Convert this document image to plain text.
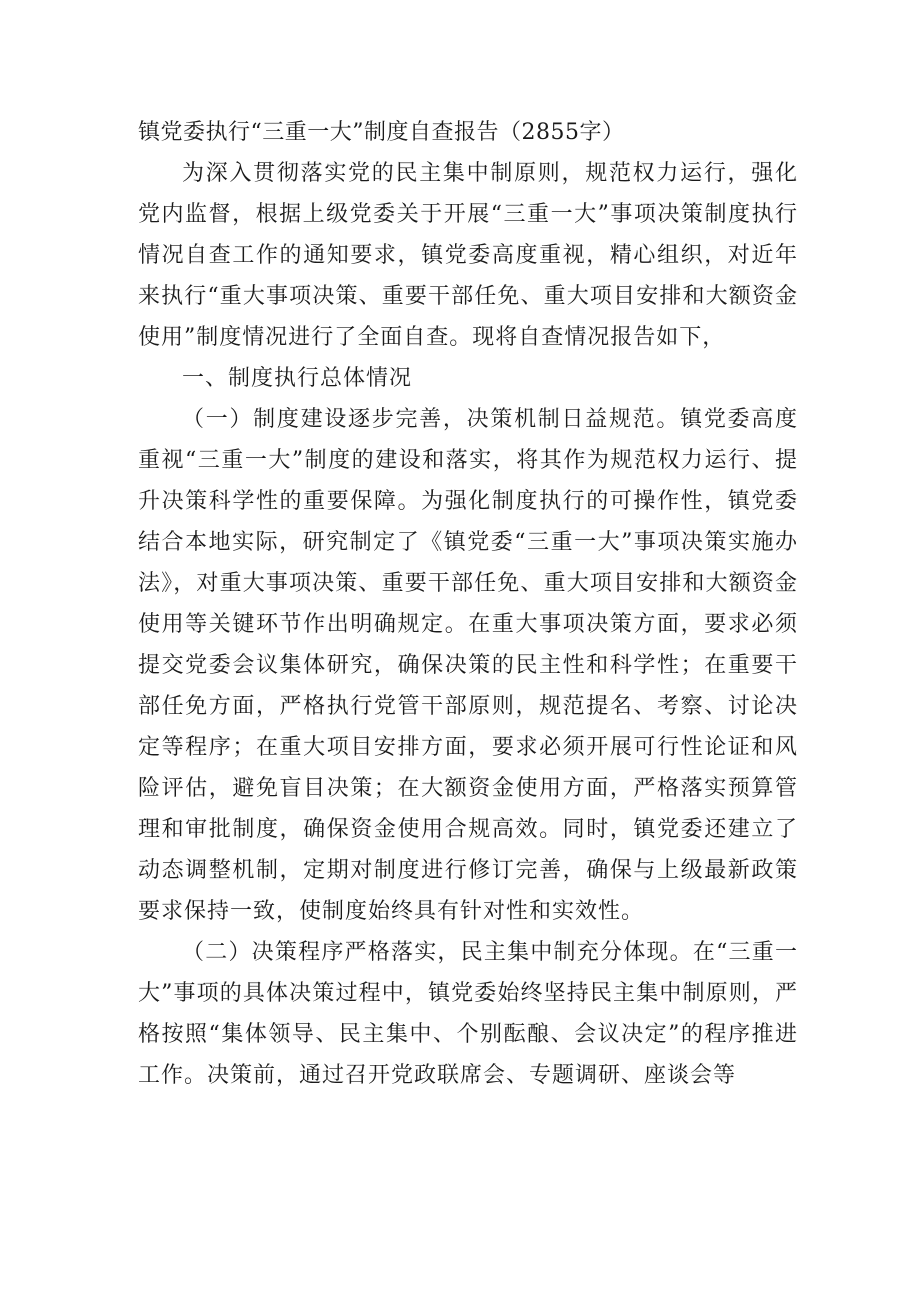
镇党委执行“三重一大”制度自查报告（2855字）

为深入贯彻落实党的民主集中制原则，规范权力运行，强化党内监督，根据上级党委关于开展“三重一大”事项决策制度执行情况自查工作的通知要求，镇党委高度重视，精心组织，对近年来执行“重大事项决策、重要干部任免、重大项目安排和大额资金使用”制度情况进行了全面自查。现将自查情况报告如下，

一、制度执行总体情况

（一）制度建设逐步完善，决策机制日益规范。镇党委高度重视“三重一大”制度的建设和落实，将其作为规范权力运行、提升决策科学性的重要保障。为强化制度执行的可操作性，镇党委结合本地实际，研究制定了《镇党委“三重一大”事项决策实施办法》，对重大事项决策、重要干部任免、重大项目安排和大额资金使用等关键环节作出明确规定。在重大事项决策方面，要求必须提交党委会议集体研究，确保决策的民主性和科学性；在重要干部任免方面，严格执行党管干部原则，规范提名、考察、讨论决定等程序；在重大项目安排方面，要求必须开展可行性论证和风险评估，避免盲目决策；在大额资金使用方面，严格落实预算管理和审批制度，确保资金使用合规高效。同时，镇党委还建立了动态调整机制，定期对制度进行修订完善，确保与上级最新政策要求保持一致，使制度始终具有针对性和实效性。

（二）决策程序严格落实，民主集中制充分体现。在“三重一大”事项的具体决策过程中，镇党委始终坚持民主集中制原则，严格按照“集体领导、民主集中、个别酝酿、会议决定”的程序推进工作。决策前，通过召开党政联席会、专题调研、座谈会等
